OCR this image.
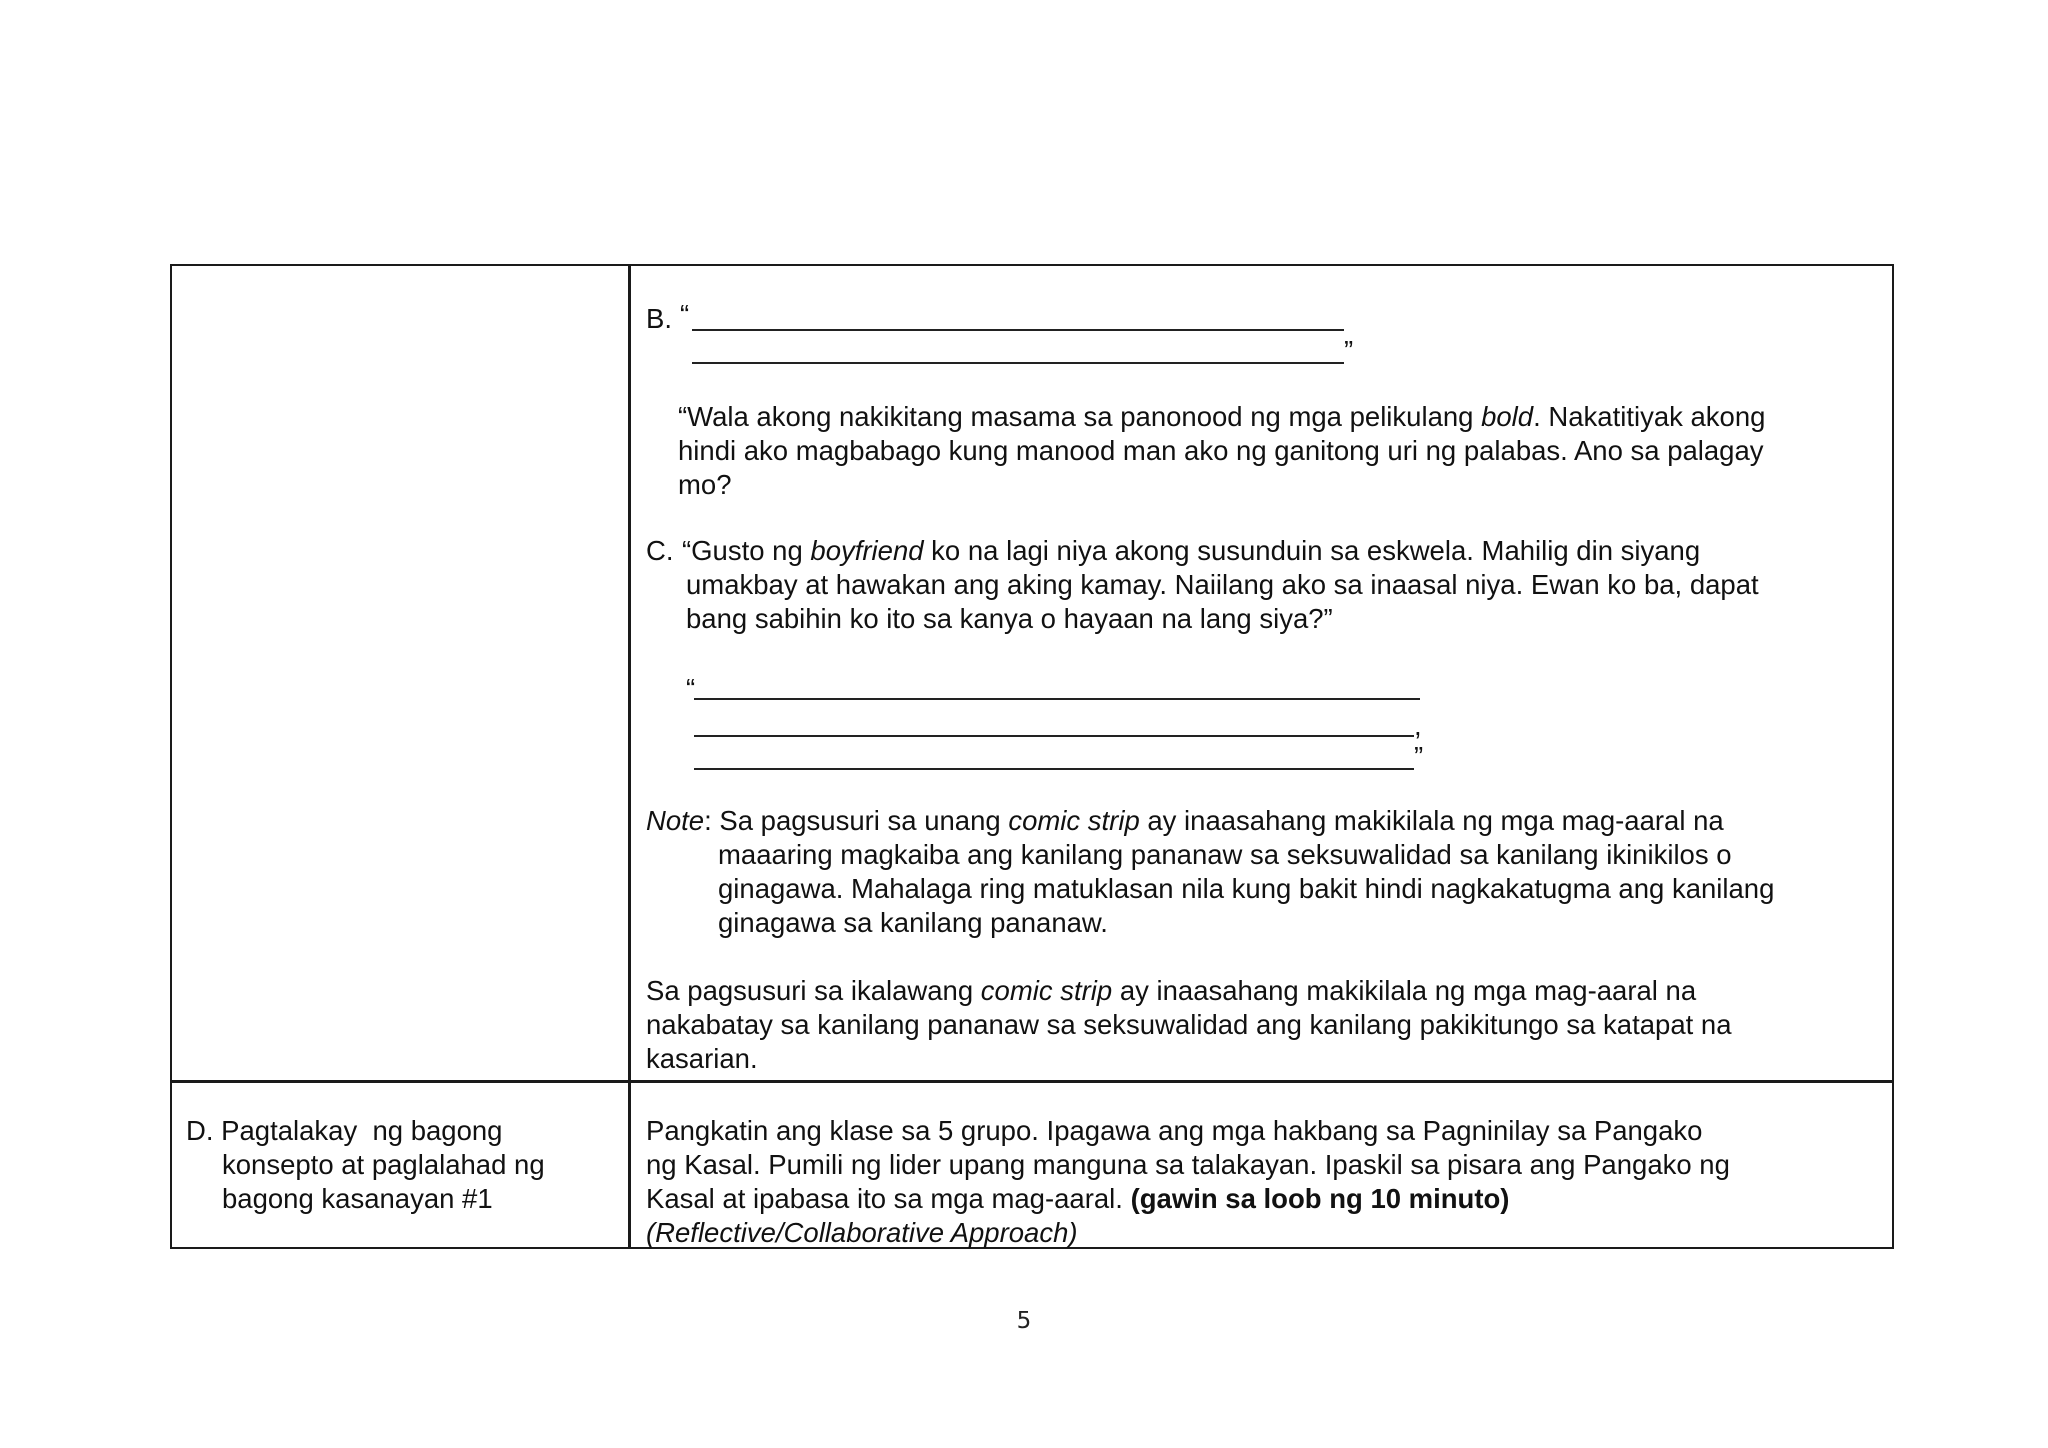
B. “
”
“Wala akong nakikitang masama sa panonood ng mga pelikulang bold. Nakatitiyak akong
hindi ako magbabago kung manood man ako ng ganitong uri ng palabas. Ano sa palagay
mo?
C. “Gusto ng boyfriend ko na lagi niya akong susunduin sa eskwela. Mahilig din siyang
umakbay at hawakan ang aking kamay. Naiilang ako sa inaasal niya. Ewan ko ba, dapat
bang sabihin ko ito sa kanya o hayaan na lang siya?”
“
,
”
Note: Sa pagsusuri sa unang comic strip ay inaasahang makikilala ng mga mag-aaral na
maaaring magkaiba ang kanilang pananaw sa seksuwalidad sa kanilang ikinikilos o
ginagawa. Mahalaga ring matuklasan nila kung bakit hindi nagkakatugma ang kanilang
ginagawa sa kanilang pananaw.
Sa pagsusuri sa ikalawang comic strip ay inaasahang makikilala ng mga mag-aaral na
nakabatay sa kanilang pananaw sa seksuwalidad ang kanilang pakikitungo sa katapat na
kasarian.
D. Pagtalakay  ng bagong
konsepto at paglalahad ng
bagong kasanayan #1
Pangkatin ang klase sa 5 grupo. Ipagawa ang mga hakbang sa Pagninilay sa Pangako
ng Kasal. Pumili ng lider upang manguna sa talakayan. Ipaskil sa pisara ang Pangako ng
Kasal at ipabasa ito sa mga mag-aaral. (gawin sa loob ng 10 minuto)
(Reflective/Collaborative Approach)
5
